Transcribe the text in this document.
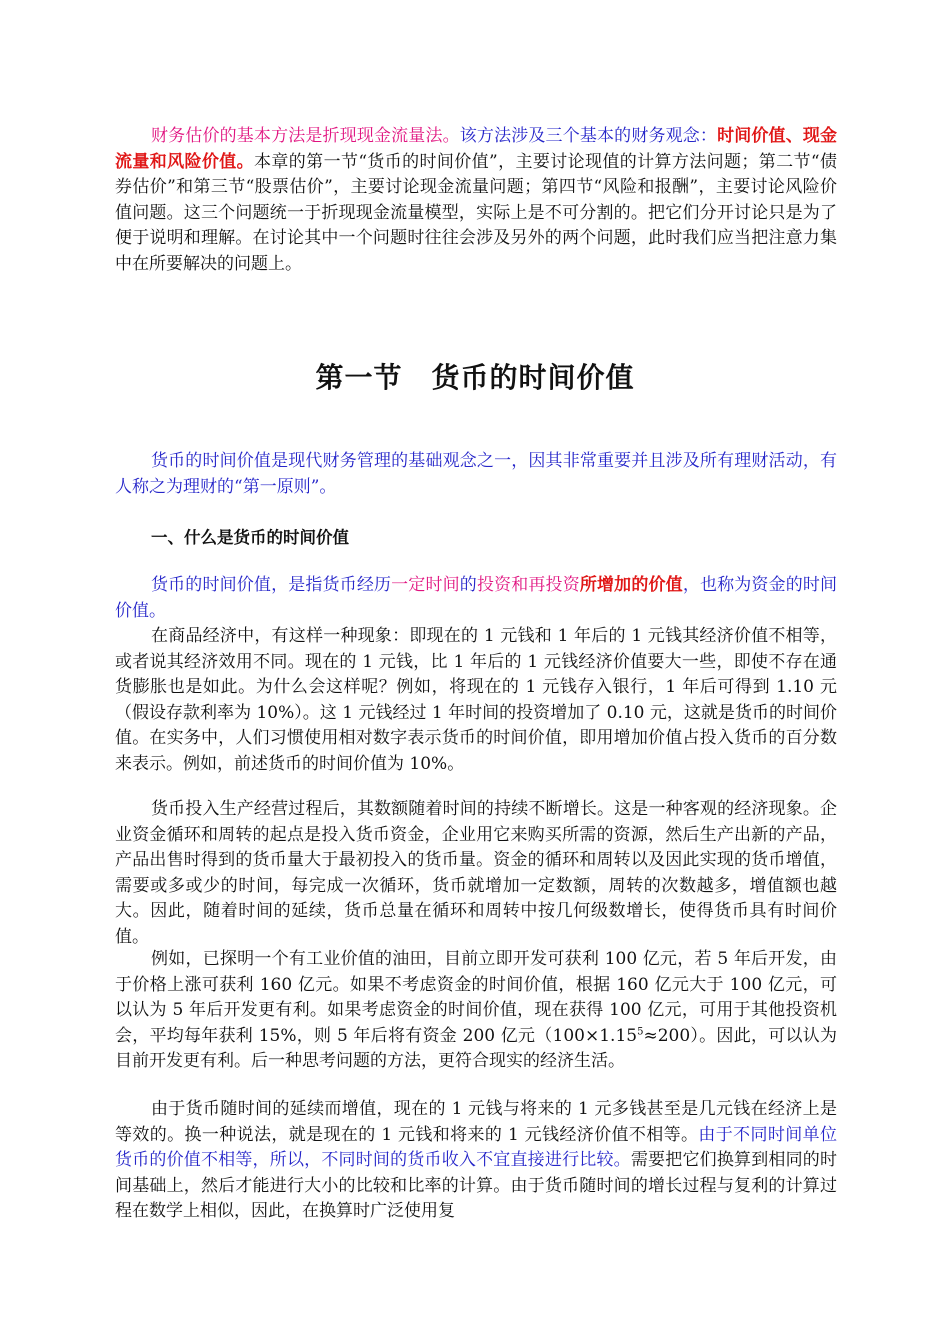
财务估价的基本方法是折现现金流量法。该方法涉及三个基本的财务观念：时间价值、现金流量和风险价值。本章的第一节“货币的时间价值”，主要讨论现值的计算方法问题；第二节“债券估价”和第三节“股票估价”，主要讨论现金流量问题；第四节“风险和报酬”，主要讨论风险价值问题。这三个问题统一于折现现金流量模型，实际上是不可分割的。把它们分开讨论只是为了便于说明和理解。在讨论其中一个问题时往往会涉及另外的两个问题，此时我们应当把注意力集中在所要解决的问题上。

第一节　货币的时间价值

货币的时间价值是现代财务管理的基础观念之一，因其非常重要并且涉及所有理财活动，有人称之为理财的“第一原则”。

一、什么是货币的时间价值

货币的时间价值，是指货币经历一定时间的投资和再投资所增加的价值，也称为资金的时间价值。

在商品经济中，有这样一种现象：即现在的 1 元钱和 1 年后的 1 元钱其经济价值不相等，或者说其经济效用不同。现在的 1 元钱，比 1 年后的 1 元钱经济价值要大一些，即使不存在通货膨胀也是如此。为什么会这样呢？例如，将现在的 1 元钱存入银行，1 年后可得到 1.10 元（假设存款利率为 10%）。这 1 元钱经过 1 年时间的投资增加了 0.10 元，这就是货币的时间价值。在实务中，人们习惯使用相对数字表示货币的时间价值，即用增加价值占投入货币的百分数来表示。例如，前述货币的时间价值为 10%。

货币投入生产经营过程后，其数额随着时间的持续不断增长。这是一种客观的经济现象。企业资金循环和周转的起点是投入货币资金，企业用它来购买所需的资源，然后生产出新的产品，产品出售时得到的货币量大于最初投入的货币量。资金的循环和周转以及因此实现的货币增值，需要或多或少的时间，每完成一次循环，货币就增加一定数额，周转的次数越多，增值额也越大。因此，随着时间的延续，货币总量在循环和周转中按几何级数增长，使得货币具有时间价值。

例如，已探明一个有工业价值的油田，目前立即开发可获利 100 亿元，若 5 年后开发，由于价格上涨可获利 160 亿元。如果不考虑资金的时间价值，根据 160 亿元大于 100 亿元，可以认为 5 年后开发更有利。如果考虑资金的时间价值，现在获得 100 亿元，可用于其他投资机会，平均每年获利 15%，则 5 年后将有资金 200 亿元$(100\times 1.15^5\approx 200)$。因此，可以认为目前开发更有利。后一种思考问题的方法，更符合现实的经济生活。

由于货币随时间的延续而增值，现在的 1 元钱与将来的 1 元多钱甚至是几元钱在经济上是等效的。换一种说法，就是现在的 1 元钱和将来的 1 元钱经济价值不相等。由于不同时间单位货币的价值不相等，所以，不同时间的货币收入不宜直接进行比较。需要把它们换算到相同的时间基础上，然后才能进行大小的比较和比率的计算。由于货币随时间的增长过程与复利的计算过程在数学上相似，因此，在换算时广泛使用复
